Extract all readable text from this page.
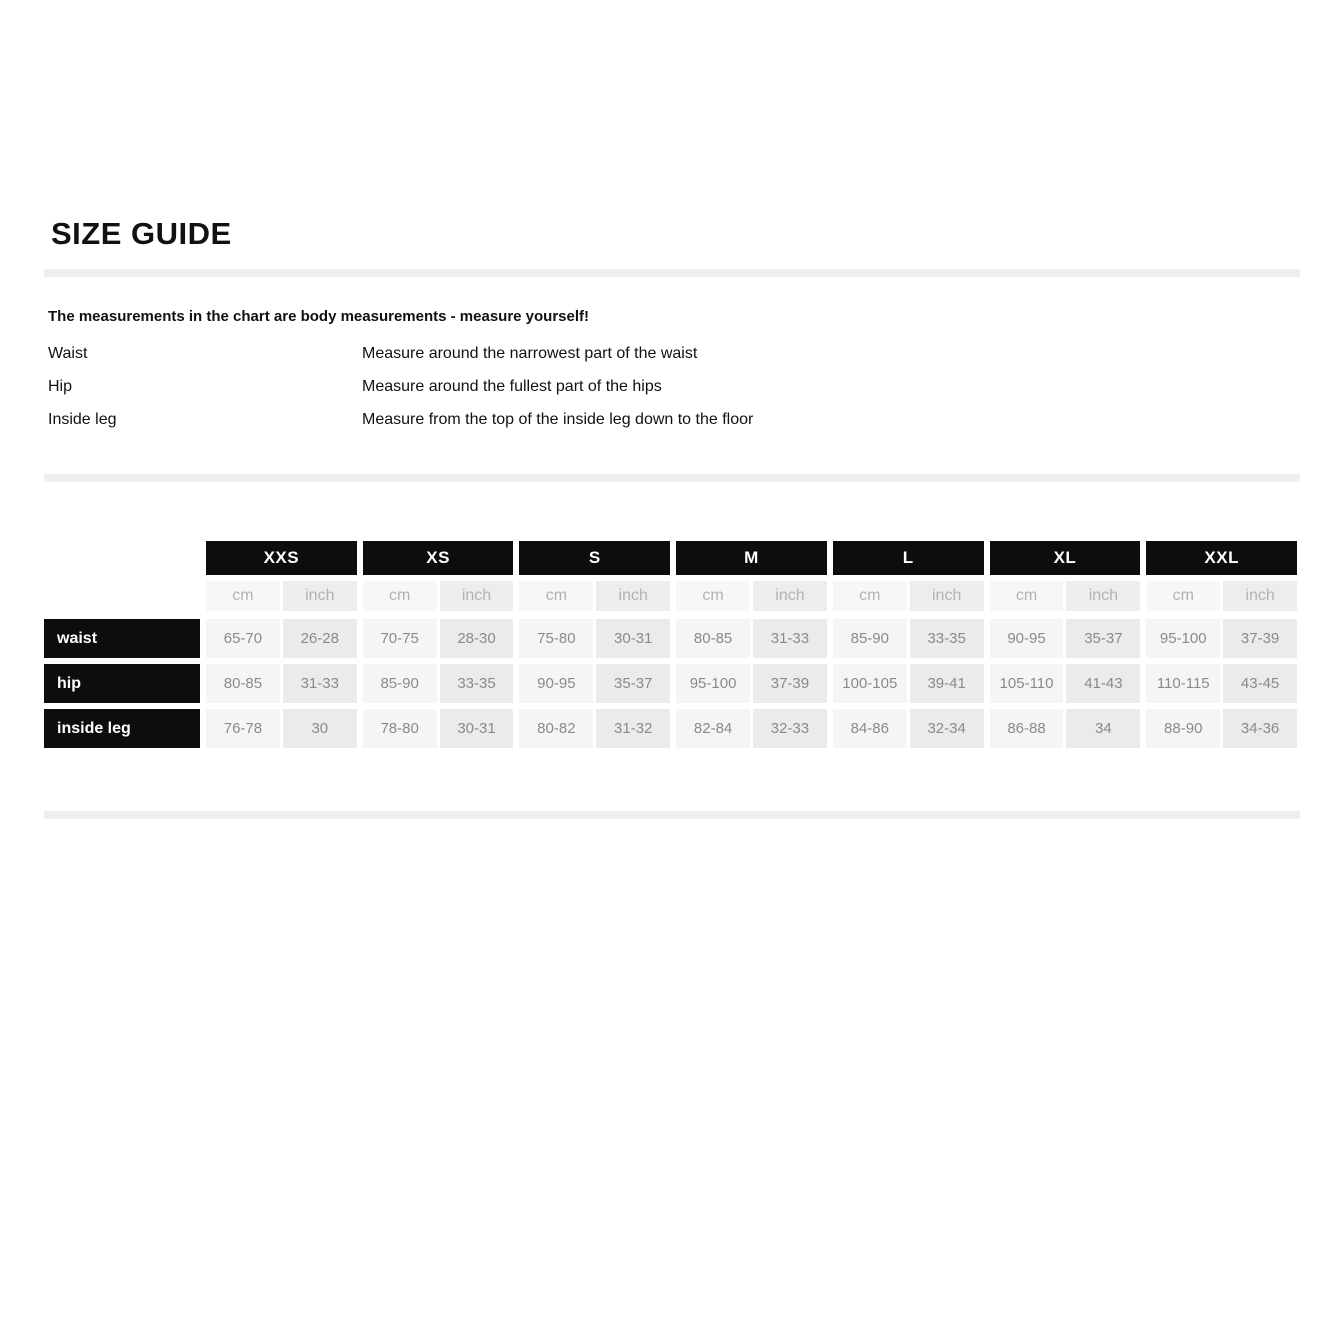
SIZE GUIDE

The measurements in the chart are body measurements - measure yourself!

Waist	Measure around the narrowest part of the waist
Hip	Measure around the fullest part of the hips
Inside leg	Measure from the top of the inside leg down to the floor
XXS	XS	S	M	L	XL	XXL
cm	inch	cm	inch	cm	inch	cm	inch	cm	inch	cm	inch	cm	inch
waist	65-70	26-28	70-75	28-30	75-80	30-31	80-85	31-33	85-90	33-35	90-95	35-37	95-100	37-39
hip	80-85	31-33	85-90	33-35	90-95	35-37	95-100	37-39	100-105	39-41	105-110	41-43	110-115	43-45
inside leg	76-78	30	78-80	30-31	80-82	31-32	82-84	32-33	84-86	32-34	86-88	34	88-90	34-36
